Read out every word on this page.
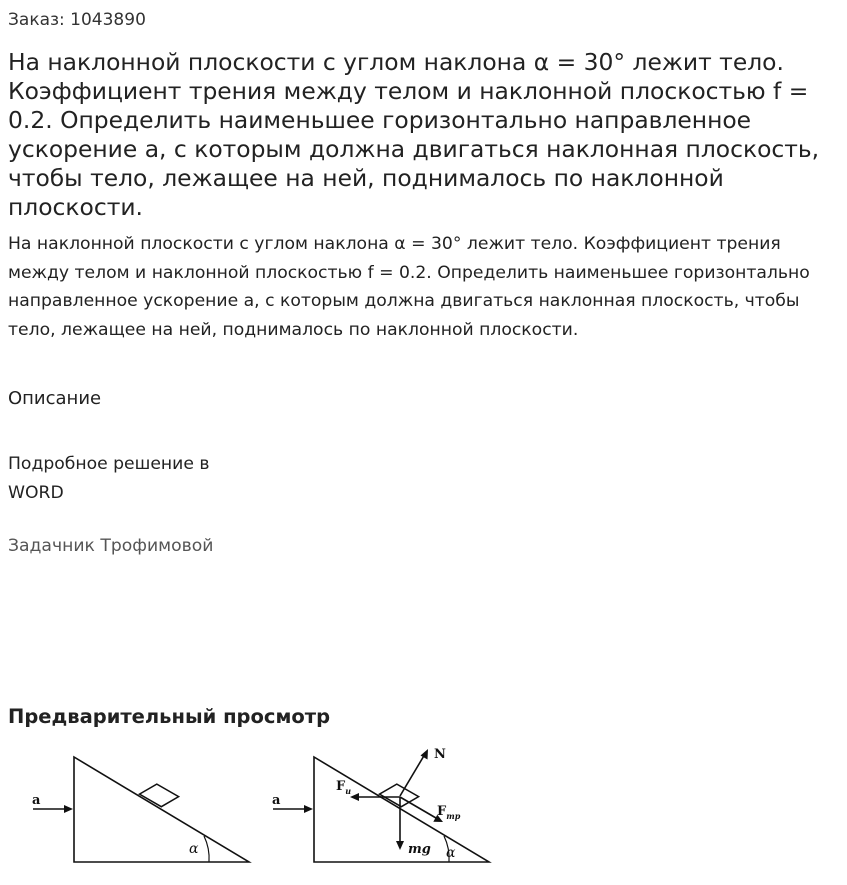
Заказ: 1043890
На наклонной плоскости с углом наклона α = 30° лежит тело. Коэффициент трения между телом и наклонной плоскостью f = 0.2. Определить наименьшее горизонтально направленное ускорение a, с которым должна двигаться наклонная плоскость, чтобы тело, лежащее на ней, поднималось по наклонной плоскости.

На наклонной плоскости с углом наклона α = 30° лежит тело. Коэффициент трения между телом и наклонной плоскостью f = 0.2. Определить наименьшее горизонтально направленное ускорение a, с которым должна двигаться наклонная плоскость, чтобы тело, лежащее на ней, поднималось по наклонной плоскости.

Описание
Подробное решение в WORD
Задачник Трофимовой
Предварительный просмотр
a
α
a
N
$F_и$
mg
$F_{тр}$
α
